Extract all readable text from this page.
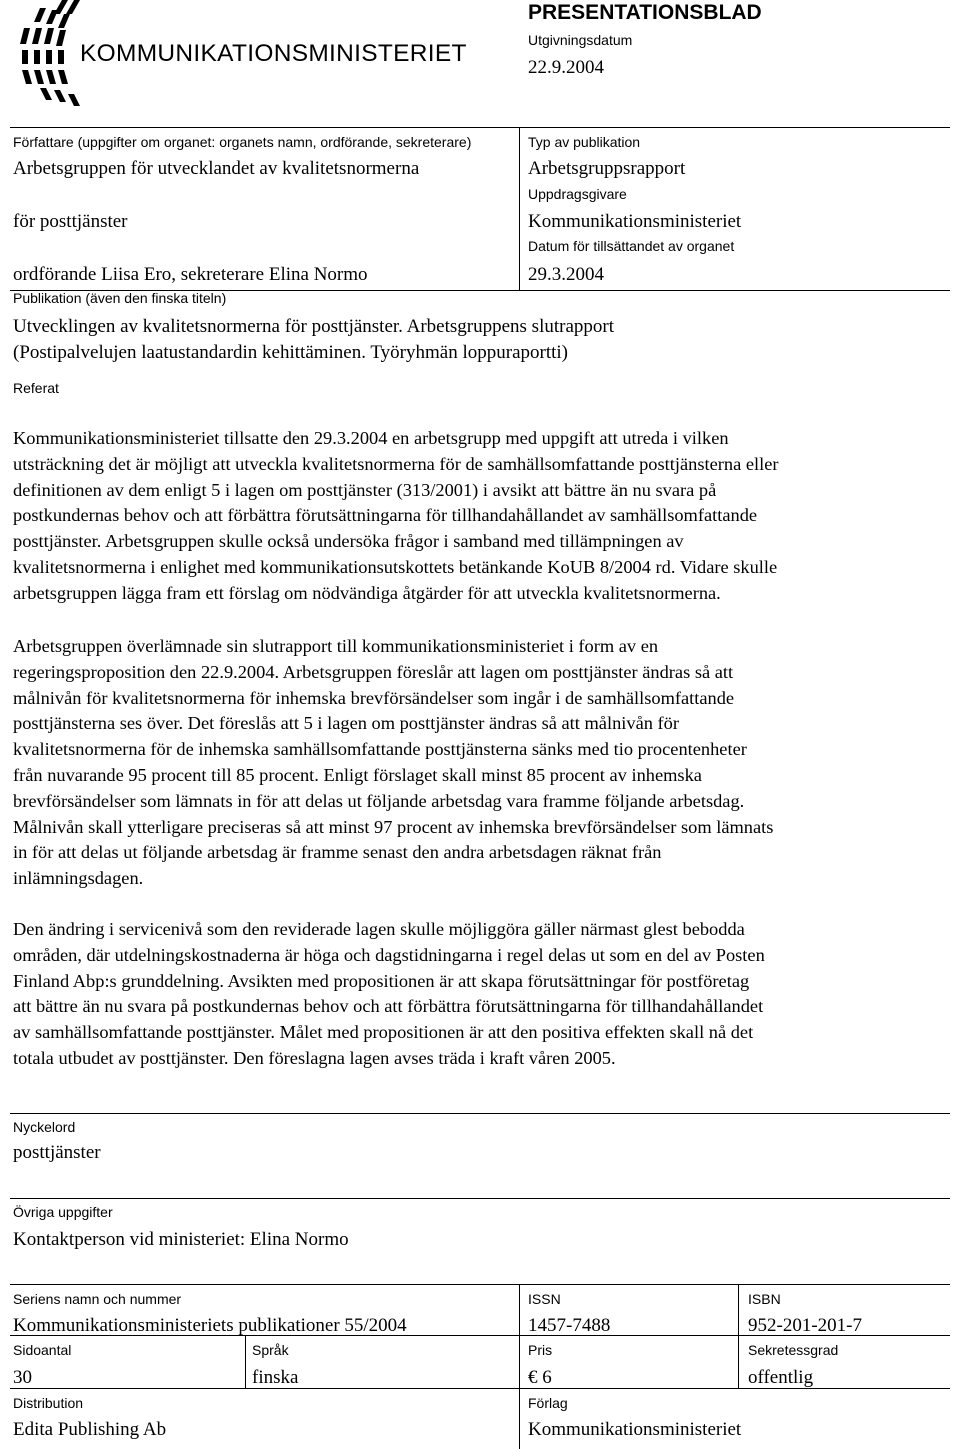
KOMMUNIKATIONSMINISTERIET
PRESENTATIONSBLAD
Utgivningsdatum
22.9.2004
Författare (uppgifter om organet: organets namn, ordförande, sekreterare)
Arbetsgruppen för utvecklandet av kvalitetsnormerna
för posttjänster
ordförande Liisa Ero, sekreterare Elina Normo
Typ av publikation
Arbetsgruppsrapport
Uppdragsgivare
Kommunikationsministeriet
Datum för tillsättandet av organet
29.3.2004
Publikation (även den finska titeln)
Utvecklingen av kvalitetsnormerna för posttjänster. Arbetsgruppens slutrapport
(Postipalvelujen laatustandardin kehittäminen. Työryhmän loppuraportti)
Referat
Kommunikationsministeriet tillsatte den 29.3.2004 en arbetsgrupp med uppgift att utreda i vilken
utsträckning det är möjligt att utveckla kvalitetsnormerna för de samhällsomfattande posttjänsterna eller
definitionen av dem enligt 5 i lagen om posttjänster (313/2001) i avsikt att bättre än nu svara på
postkundernas behov och att förbättra förutsättningarna för tillhandahållandet av samhällsomfattande
posttjänster. Arbetsgruppen skulle också undersöka frågor i samband med tillämpningen av
kvalitetsnormerna i enlighet med kommunikationsutskottets betänkande KoUB 8/2004 rd. Vidare skulle
arbetsgruppen lägga fram ett förslag om nödvändiga åtgärder för att utveckla kvalitetsnormerna.
Arbetsgruppen överlämnade sin slutrapport till kommunikationsministeriet i form av en
regeringsproposition den 22.9.2004. Arbetsgruppen föreslår att lagen om posttjänster ändras så att
målnivån för kvalitetsnormerna för inhemska brevförsändelser som ingår i de samhällsomfattande
posttjänsterna ses över. Det föreslås att 5 i lagen om posttjänster ändras så att målnivån för
kvalitetsnormerna för de inhemska samhällsomfattande posttjänsterna sänks med tio procentenheter
från nuvarande 95 procent till 85 procent. Enligt förslaget skall minst 85 procent av inhemska
brevförsändelser som lämnats in för att delas ut följande arbetsdag vara framme följande arbetsdag.
Målnivån skall ytterligare preciseras så att minst 97 procent av inhemska brevförsändelser som lämnats
in för att delas ut följande arbetsdag är framme senast den andra arbetsdagen räknat från
inlämningsdagen.
Den ändring i servicenivå som den reviderade lagen skulle möjliggöra gäller närmast glest bebodda
områden, där utdelningskostnaderna är höga och dagstidningarna i regel delas ut som en del av Posten
Finland Abp:s grunddelning. Avsikten med propositionen är att skapa förutsättningar för postföretag
att bättre än nu svara på postkundernas behov och att förbättra förutsättningarna för tillhandahållandet
av samhällsomfattande posttjänster. Målet med propositionen är att den positiva effekten skall nå det
totala utbudet av posttjänster. Den föreslagna lagen avses träda i kraft våren 2005.
Nyckelord
posttjänster
Övriga uppgifter
Kontaktperson vid ministeriet: Elina Normo
Seriens namn och nummer
Kommunikationsministeriets publikationer 55/2004
ISSN
1457-7488
ISBN
952-201-201-7
Sidoantal
30
Språk
finska
Pris
€ 6
Sekretessgrad
offentlig
Distribution
Edita Publishing Ab
Förlag
Kommunikationsministeriet
